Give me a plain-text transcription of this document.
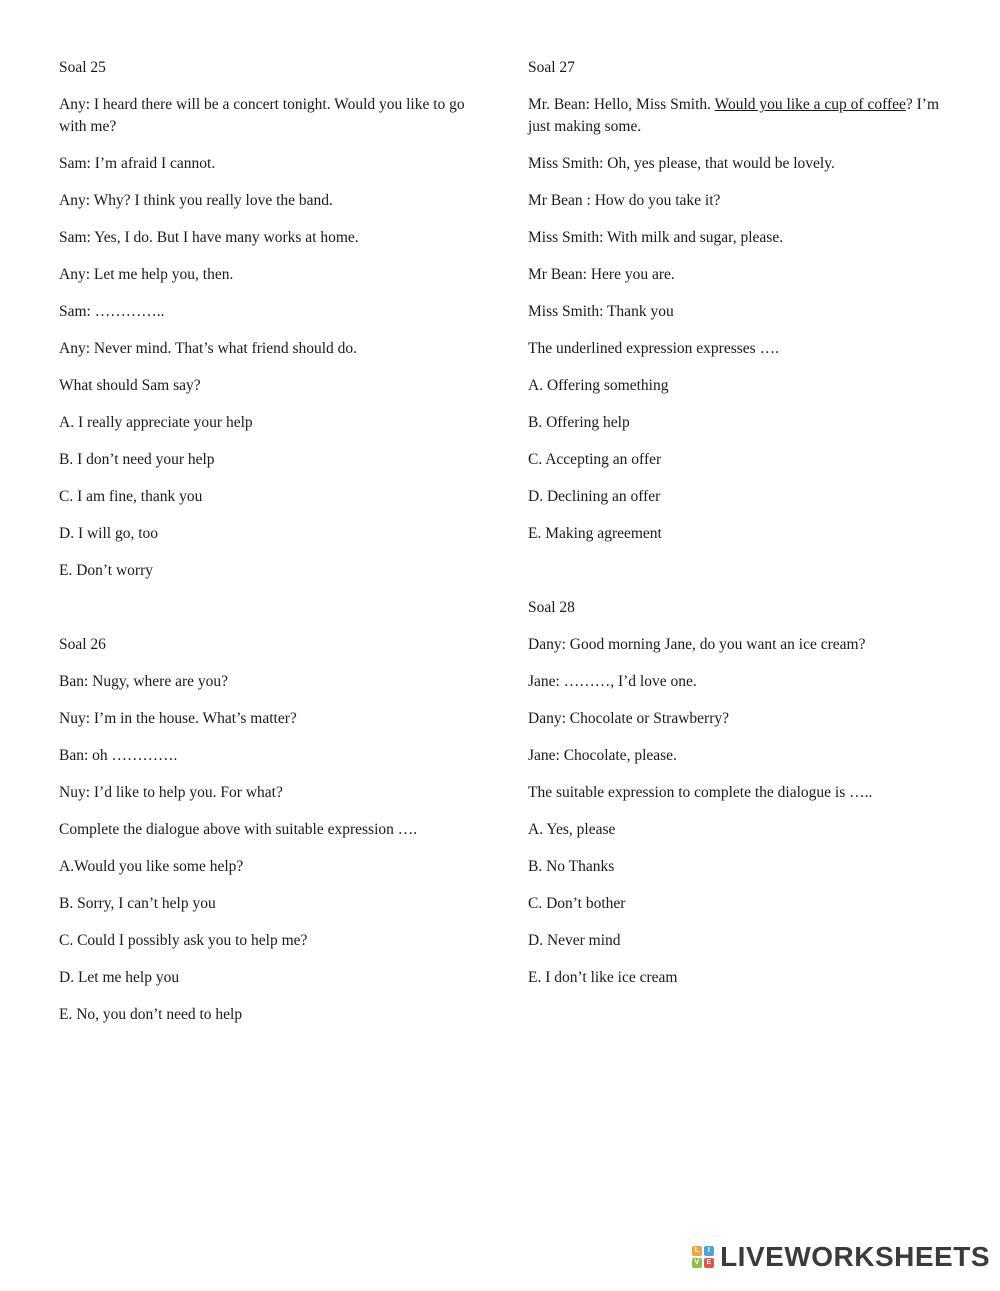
Soal 25
Any: I heard there will be a concert tonight. Would you like to go with me?
Sam: I’m afraid I cannot.
Any: Why? I think you really love the band.
Sam: Yes, I do. But I have many works at home.
Any: Let me help you, then.
Sam: …………..
Any: Never mind. That’s what friend should do.
What should Sam say?
A. I really appreciate your help
B. I don’t need your help
C. I am fine, thank you
D. I will go, too
E. Don’t worry
Soal 26
Ban: Nugy, where are you?
Nuy: I’m in the house. What’s matter?
Ban: oh ………….
Nuy: I’d like to help you. For what?
Complete the dialogue above with suitable expression ….
A.Would you like some help?
B. Sorry, I can’t help you
C. Could I possibly ask you to help me?
D. Let me help you
E. No, you don’t need to help
Soal 27
Mr. Bean: Hello, Miss Smith. Would you like a cup of coffee? I’m just making some.
Miss Smith: Oh, yes please, that would be lovely.
Mr Bean : How do you take it?
Miss Smith: With milk and sugar, please.
Mr Bean: Here you are.
Miss Smith: Thank you
The underlined expression expresses ….
A. Offering something
B. Offering help
C. Accepting an offer
D. Declining an offer
E. Making agreement
Soal 28
Dany: Good morning Jane, do you want an ice cream?
Jane: ………, I’d love one.
Dany: Chocolate or Strawberry?
Jane: Chocolate, please.
The suitable expression to complete the dialogue is …..
A. Yes, please
B. No Thanks
C. Don’t bother
D. Never mind
E. I don’t like ice cream
L	I
V E LIVEWORKSHEETS
